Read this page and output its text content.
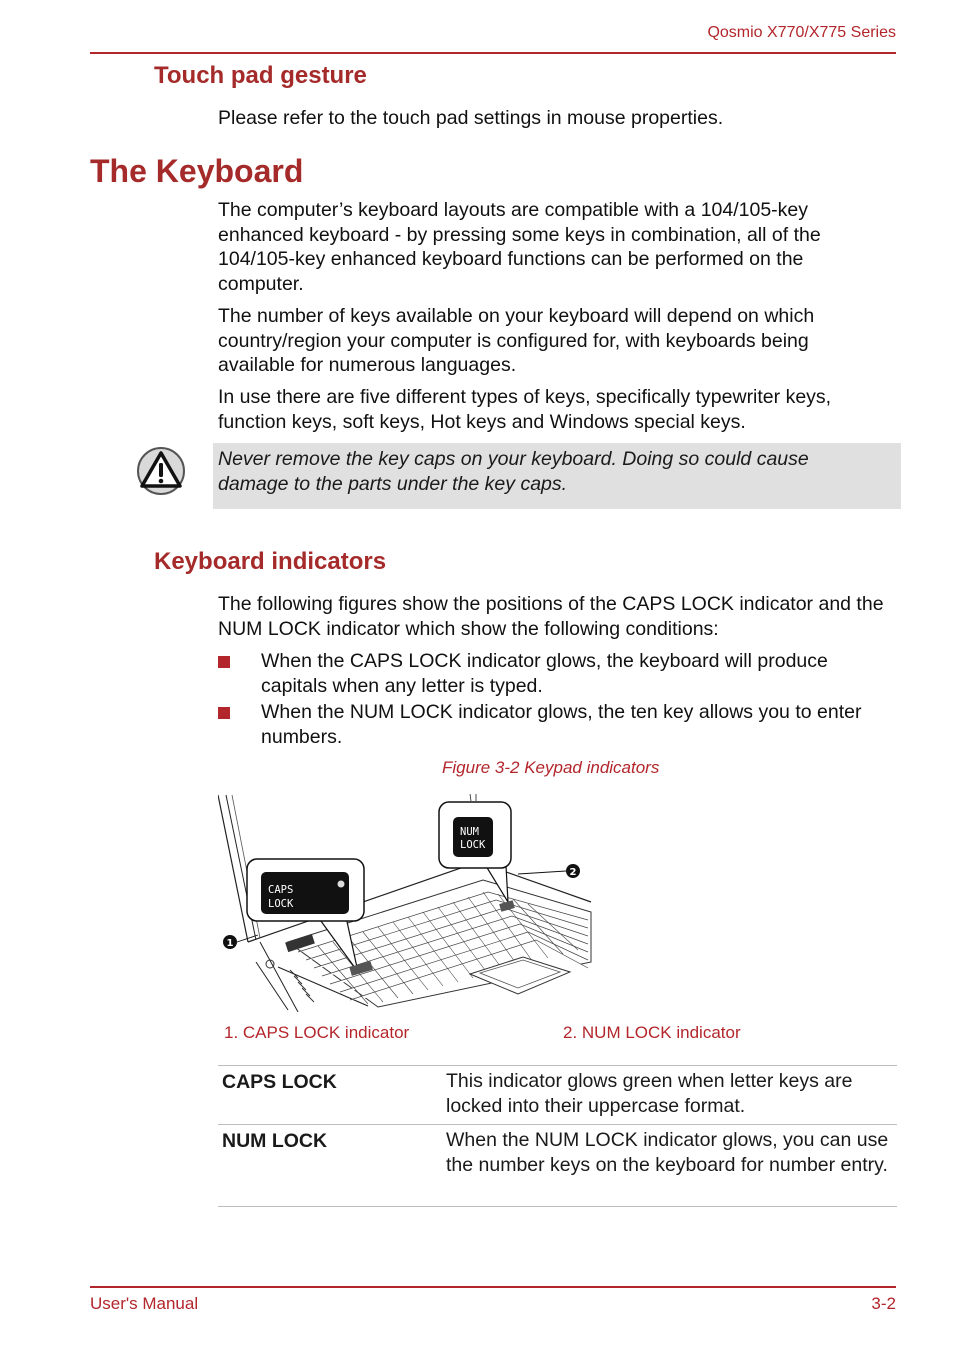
Qosmio X770/X775 Series
Touch pad gesture
Please refer to the touch pad settings in mouse properties.
The Keyboard
The computer’s keyboard layouts are compatible with a 104/105-key enhanced keyboard - by pressing some keys in combination, all of the 104/105-key enhanced keyboard functions can be performed on the computer.
The number of keys available on your keyboard will depend on which country/region your computer is configured for, with keyboards being available for numerous languages.
In use there are five different types of keys, specifically typewriter keys, function keys, soft keys, Hot keys and Windows special keys.
Never remove the key caps on your keyboard. Doing so could cause damage to the parts under the key caps.
Keyboard indicators
The following figures show the positions of the CAPS LOCK indicator and the NUM LOCK indicator which show the following conditions:
When the CAPS LOCK indicator glows, the keyboard will produce capitals when any letter is typed.
When the NUM LOCK indicator glows, the ten key allows you to enter numbers.
Figure 3-2 Keypad indicators
CAPS
LOCK
NUM
LOCK
1
2
1. CAPS LOCK indicator	2. NUM LOCK indicator
CAPS LOCK	This indicator glows green when letter keys are locked into their uppercase format.
NUM LOCK	When the NUM LOCK indicator glows, you can use the number keys on the keyboard for number entry.
User's Manual	3-2
